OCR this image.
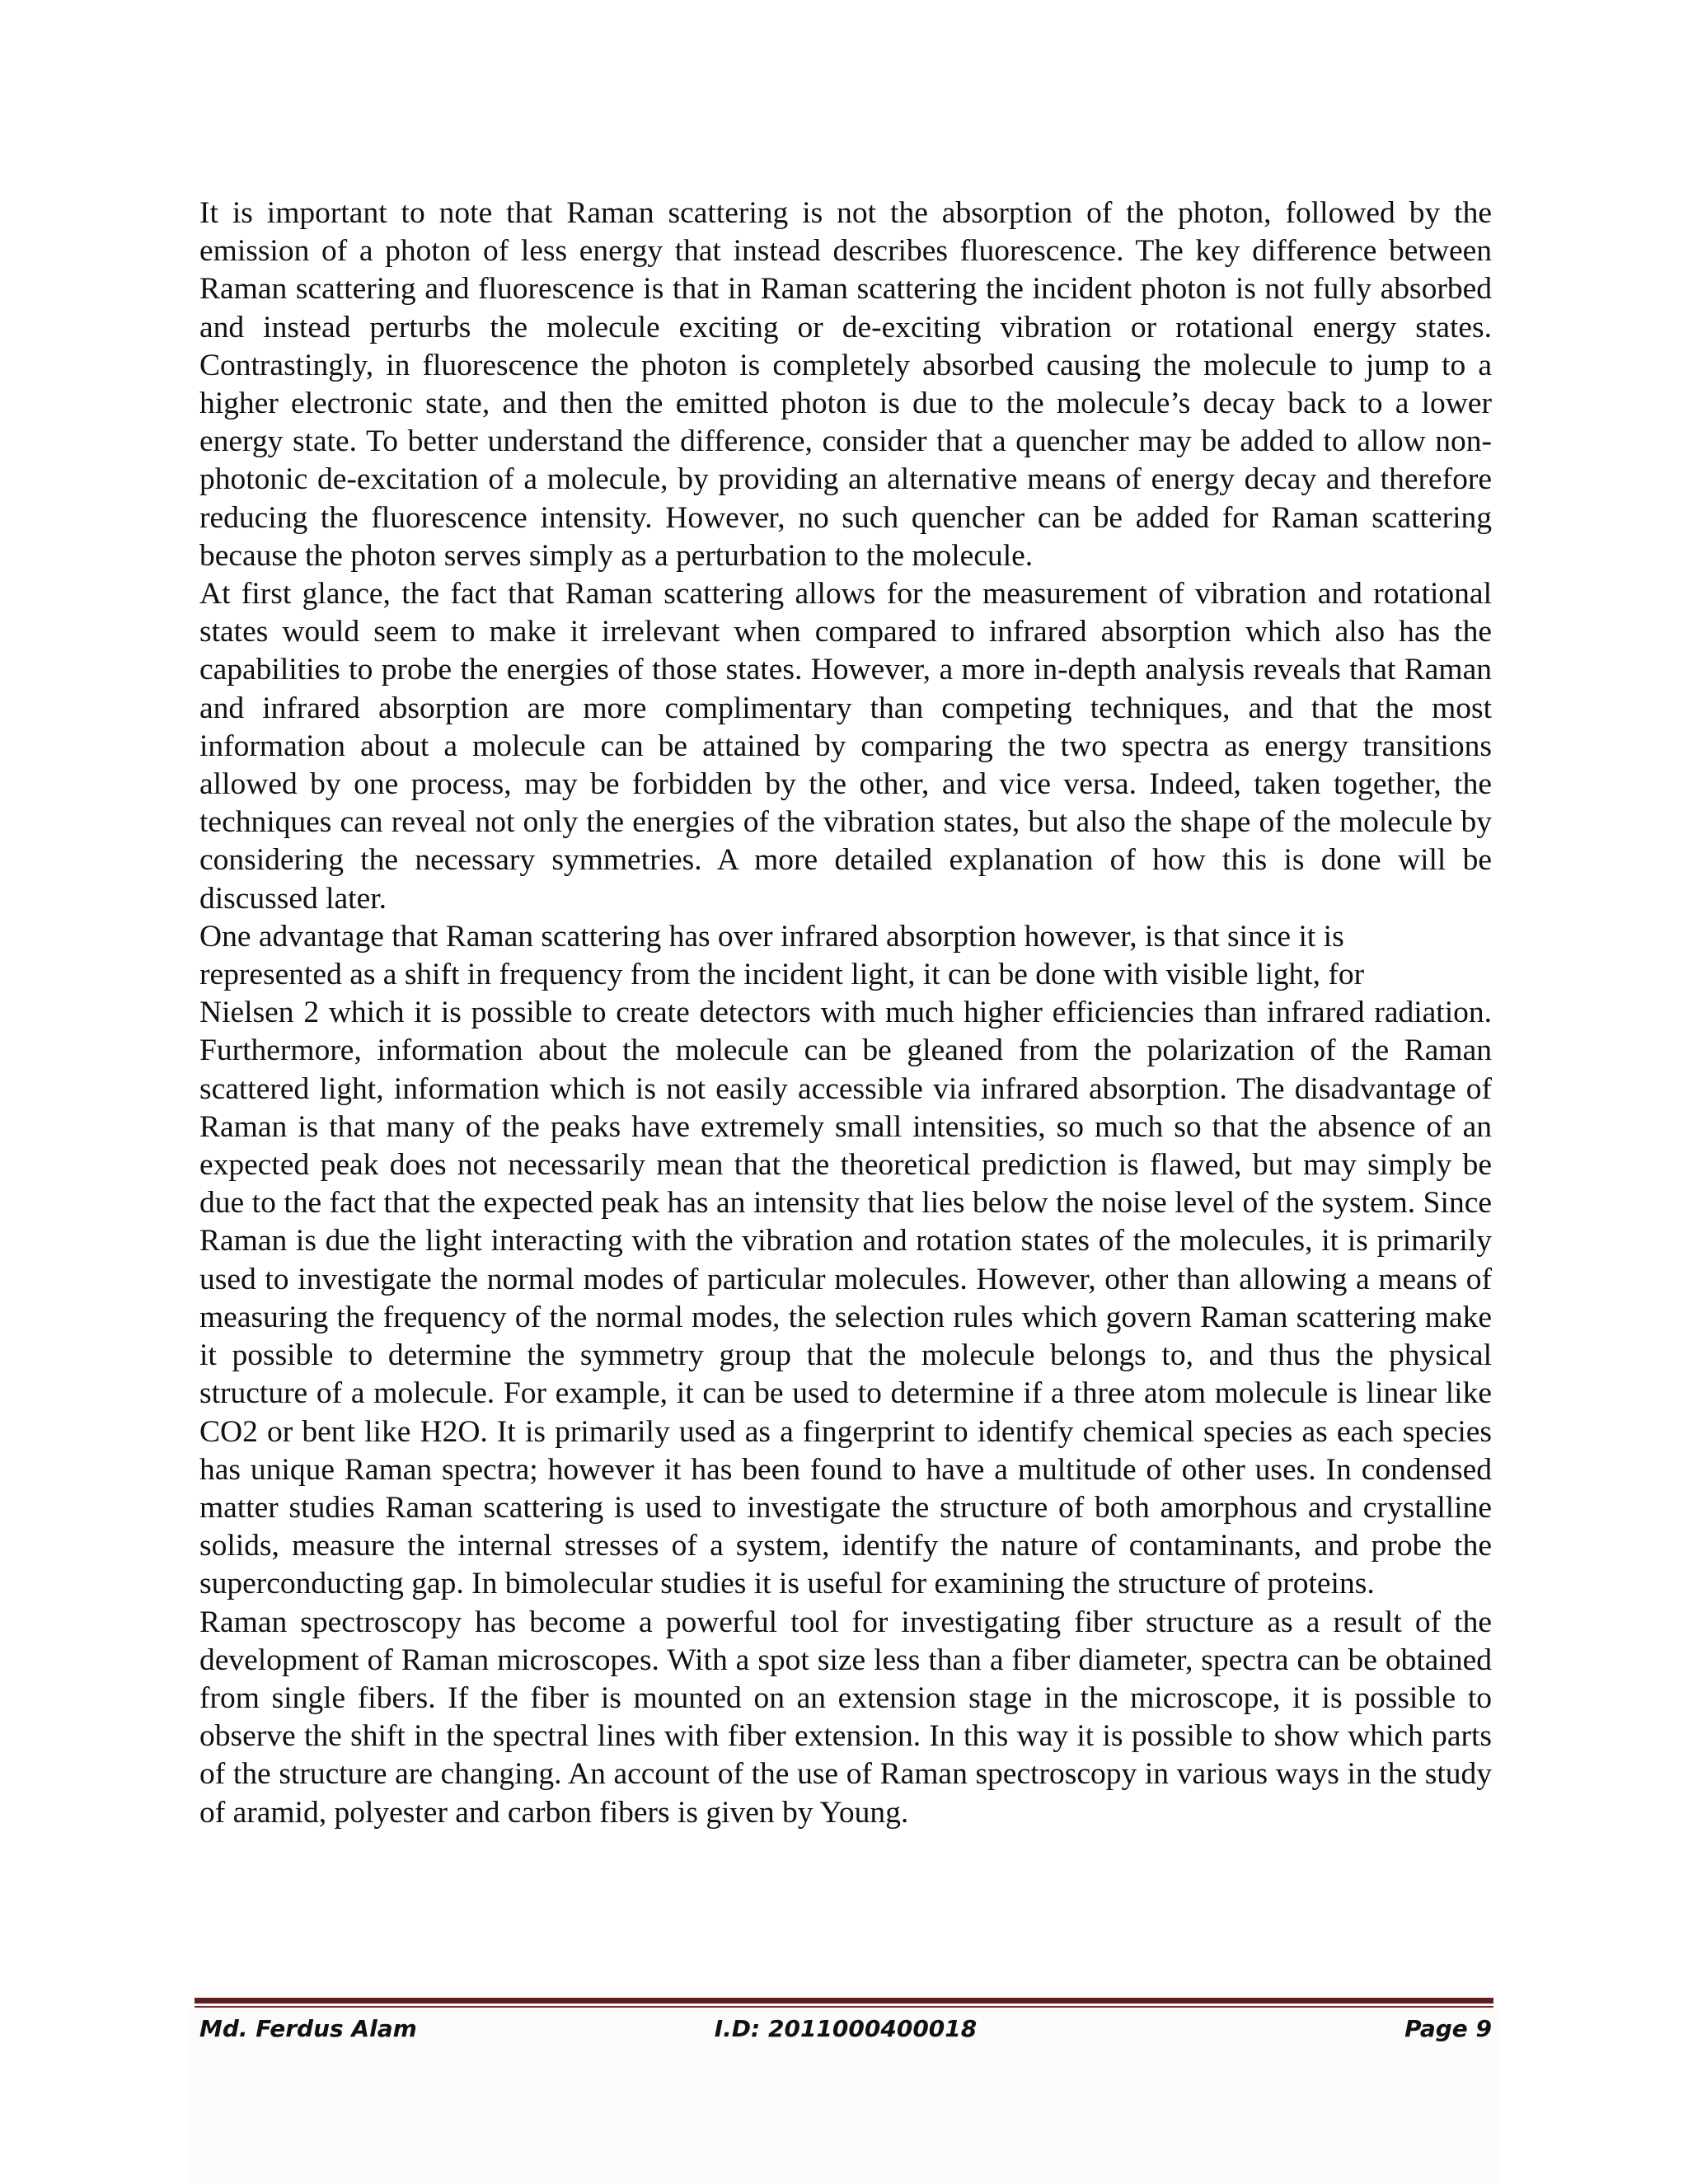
It is important to note that Raman scattering is not the absorption of the photon, followed by the emission of a photon of less energy that instead describes fluorescence. The key difference between Raman scattering and fluorescence is that in Raman scattering the incident photon is not fully absorbed and instead perturbs the molecule exciting or de-exciting vibration or rotational energy states. Contrastingly, in fluorescence the photon is completely absorbed causing the molecule to jump to a higher electronic state, and then the emitted photon is due to the molecule’s decay back to a lower energy state. To better understand the difference, consider that a quencher may be added to allow non-photonic de-excitation of a molecule, by providing an alternative means of energy decay and therefore reducing the fluorescence intensity. However, no such quencher can be added for Raman scattering because the photon serves simply as a perturbation to the molecule.

At first glance, the fact that Raman scattering allows for the measurement of vibration and rotational states would seem to make it irrelevant when compared to infrared absorption which also has the capabilities to probe the energies of those states. However, a more in-depth analysis reveals that Raman and infrared absorption are more complimentary than competing techniques, and that the most information about a molecule can be attained by comparing the two spectra as energy transitions allowed by one process, may be forbidden by the other, and vice versa. Indeed, taken together, the techniques can reveal not only the energies of the vibration states, but also the shape of the molecule by considering the necessary symmetries. A more detailed explanation of how this is done will be discussed later.

One advantage that Raman scattering has over infrared absorption however, is that since it is represented as a shift in frequency from the incident light, it can be done with visible light, for

Nielsen 2 which it is possible to create detectors with much higher efficiencies than infrared radiation. Furthermore, information about the molecule can be gleaned from the polarization of the Raman scattered light, information which is not easily accessible via infrared absorption. The disadvantage of Raman is that many of the peaks have extremely small intensities, so much so that the absence of an expected peak does not necessarily mean that the theoretical prediction is flawed, but may simply be due to the fact that the expected peak has an intensity that lies below the noise level of the system. Since Raman is due the light interacting with the vibration and rotation states of the molecules, it is primarily used to investigate the normal modes of particular molecules. However, other than allowing a means of measuring the frequency of the normal modes, the selection rules which govern Raman scattering make it possible to determine the symmetry group that the molecule belongs to, and thus the physical structure of a molecule. For example, it can be used to determine if a three atom molecule is linear like CO2 or bent like H2O. It is primarily used as a fingerprint to identify chemical species as each species has unique Raman spectra; however it has been found to have a multitude of other uses. In condensed matter studies Raman scattering is used to investigate the structure of both amorphous and crystalline solids, measure the internal stresses of a system, identify the nature of contaminants, and probe the superconducting gap. In bimolecular studies it is useful for examining the structure of proteins.

Raman spectroscopy has become a powerful tool for investigating fiber structure as a result of the development of Raman microscopes. With a spot size less than a fiber diameter, spectra can be obtained from single fibers. If the fiber is mounted on an extension stage in the microscope, it is possible to observe the shift in the spectral lines with fiber extension. In this way it is possible to show which parts of the structure are changing. An account of the use of Raman spectroscopy in various ways in the study of aramid, polyester and carbon fibers is given by Young.

Md. Ferdus Alam	I.D: 2011000400018	Page 9
